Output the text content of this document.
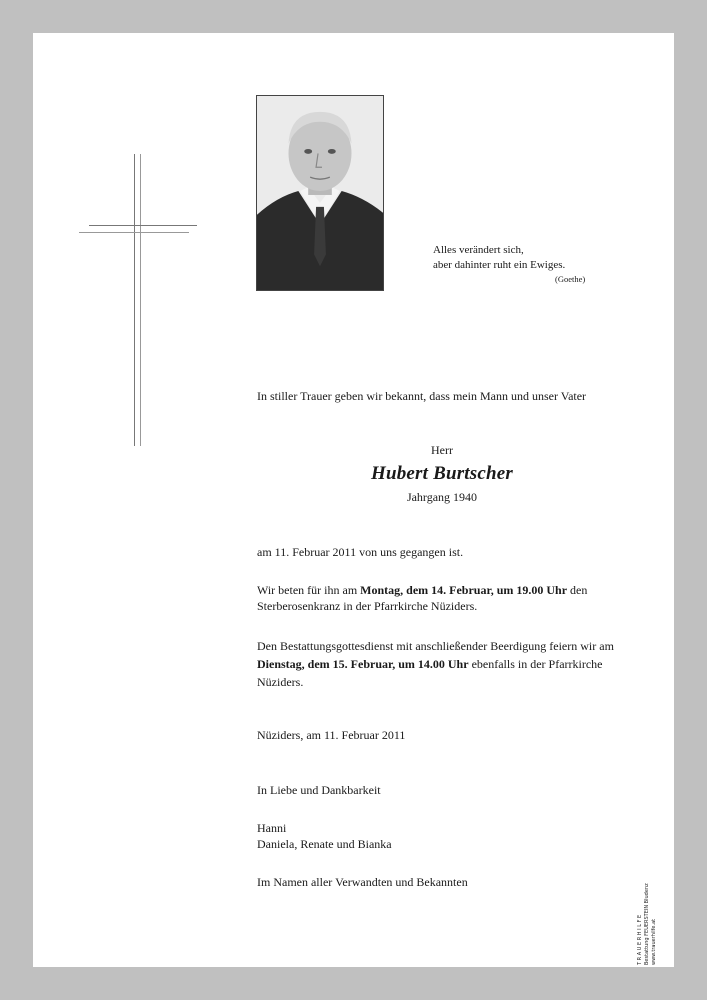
Alles verändert sich,
aber dahinter ruht ein Ewiges.
(Goethe)
In stiller Trauer geben wir bekannt, dass mein Mann und unser Vater
Herr
Hubert Burtscher
Jahrgang 1940
am 11. Februar 2011 von uns gegangen ist.
Wir beten für ihn am Montag, dem 14. Februar, um 19.00 Uhr den Sterberosenkranz in der Pfarrkirche Nüziders.
Den Bestattungsgottesdienst mit anschließender Beerdigung feiern wir am Dienstag, dem 15. Februar, um 14.00 Uhr ebenfalls in der Pfarrkirche Nüziders.
Nüziders, am 11. Februar 2011
In Liebe und Dankbarkeit
Hanni
Daniela, Renate und Bianka
Im Namen aller Verwandten und Bekannten
T R A U E R H I L F E Bestattung FEUERSTEIN Bludenz www.trauerhilfe.at
